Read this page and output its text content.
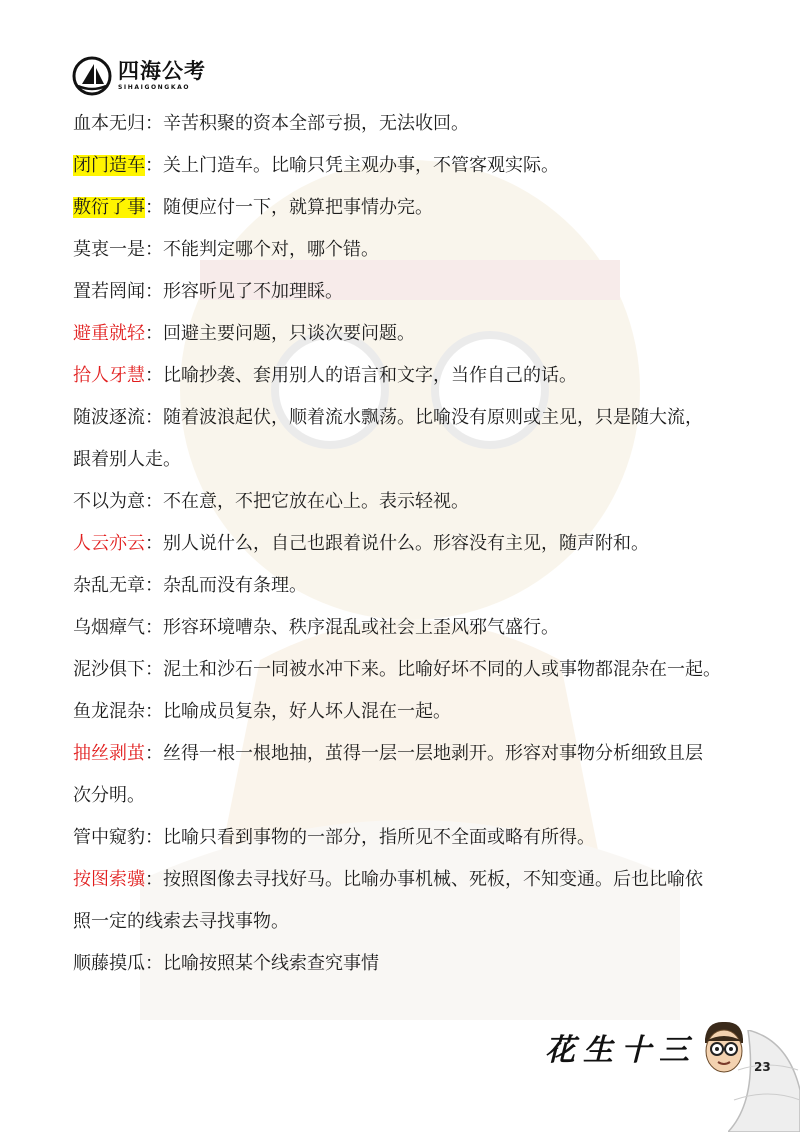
四海公考
SIHAIGONGKAO
血本无归：辛苦积聚的资本全部亏损，无法收回。
闭门造车：关上门造车。比喻只凭主观办事，不管客观实际。
敷衍了事：随便应付一下，就算把事情办完。
莫衷一是：不能判定哪个对，哪个错。
置若罔闻：形容听见了不加理睬。
避重就轻：回避主要问题，只谈次要问题。
拾人牙慧：比喻抄袭、套用别人的语言和文字，当作自己的话。
随波逐流：随着波浪起伏，顺着流水飘荡。比喻没有原则或主见，只是随大流，
跟着别人走。
不以为意：不在意，不把它放在心上。表示轻视。
人云亦云：别人说什么，自己也跟着说什么。形容没有主见，随声附和。
杂乱无章：杂乱而没有条理。
乌烟瘴气：形容环境嘈杂、秩序混乱或社会上歪风邪气盛行。
泥沙俱下：泥土和沙石一同被水冲下来。比喻好坏不同的人或事物都混杂在一起。
鱼龙混杂：比喻成员复杂，好人坏人混在一起。
抽丝剥茧：丝得一根一根地抽，茧得一层一层地剥开。形容对事物分析细致且层
次分明。
管中窥豹：比喻只看到事物的一部分，指所见不全面或略有所得。
按图索骥：按照图像去寻找好马。比喻办事机械、死板，不知变通。后也比喻依
照一定的线索去寻找事物。
顺藤摸瓜：比喻按照某个线索查究事情
花生十三	23
